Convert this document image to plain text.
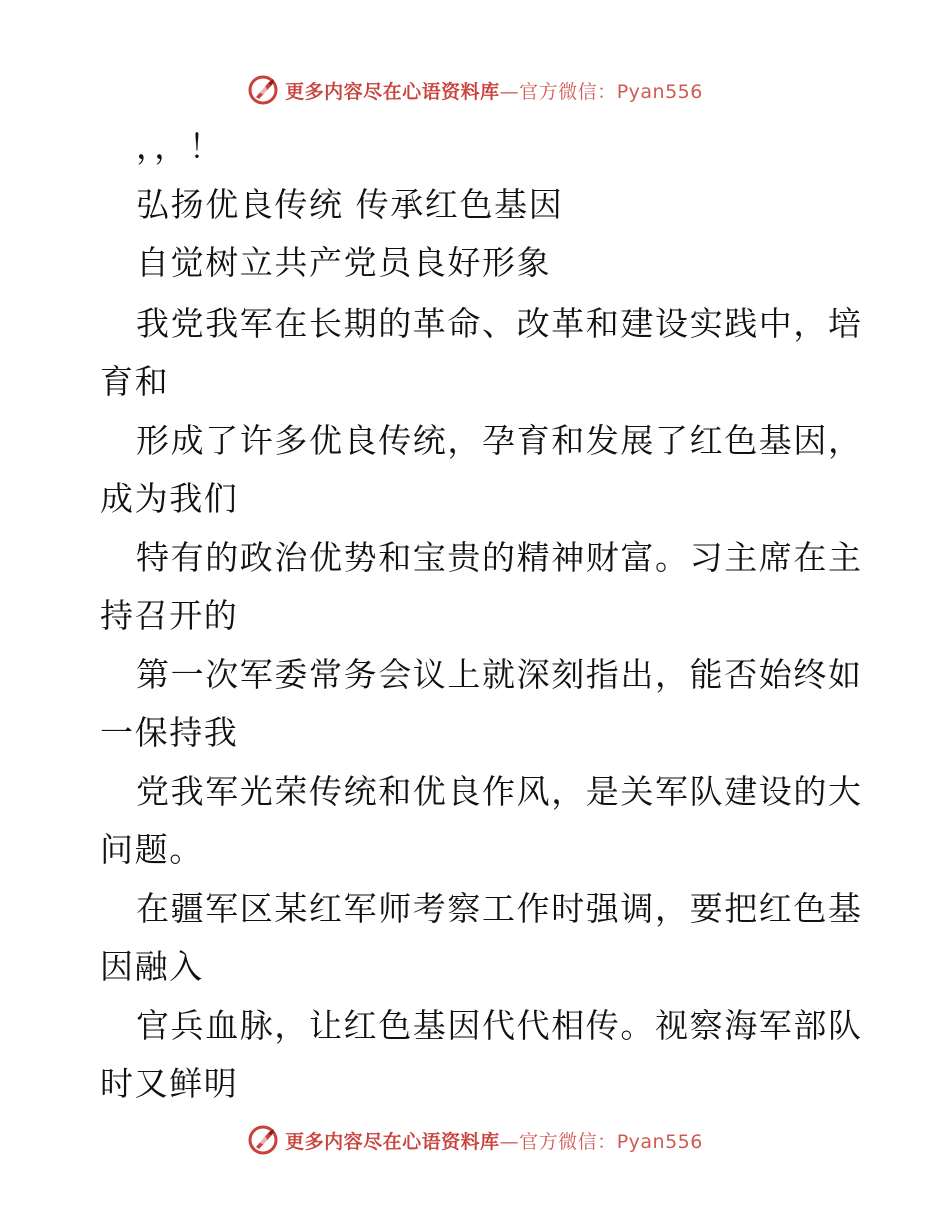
更多内容尽在心语资料库—官方微信：Pyan556
，，！
弘扬优良传统 传承红色基因
自觉树立共产党员良好形象
我党我军在长期的革命、改革和建设实践中，培
育和
形成了许多优良传统，孕育和发展了红色基因，
成为我们
特有的政治优势和宝贵的精神财富。习主席在主
持召开的
第一次军委常务会议上就深刻指出，能否始终如
一保持我
党我军光荣传统和优良作风，是关军队建设的大
问题。
在疆军区某红军师考察工作时强调，要把红色基
因融入
官兵血脉，让红色基因代代相传。视察海军部队
时又鲜明
更多内容尽在心语资料库—官方微信：Pyan556
